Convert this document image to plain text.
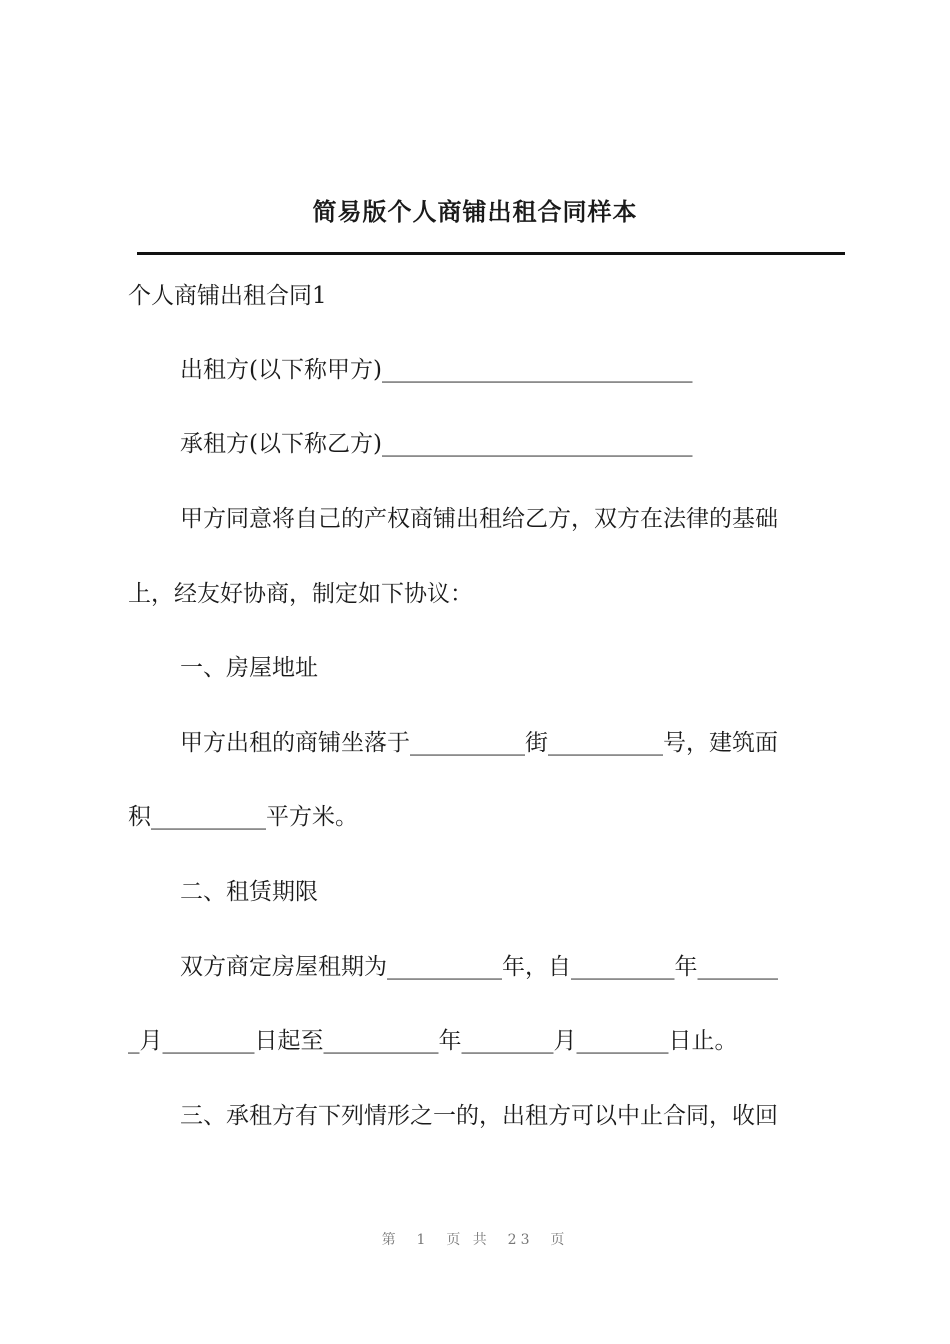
简易版个人商铺出租合同样本
个人商铺出租合同1
出租方(以下称甲方)___________________________
承租方(以下称乙方)___________________________
甲方同意将自己的产权商铺出租给乙方，双方在法律的基础
上，经友好协商，制定如下协议：
一、房屋地址
甲方出租的商铺坐落于__________街__________号，建筑面
积__________平方米。
二、租赁期限
双方商定房屋租期为__________年，自_________年_______
_月________日起至__________年________月________日止。
三、承租方有下列情形之一的，出租方可以中止合同，收回
第  1  页 共  23  页
